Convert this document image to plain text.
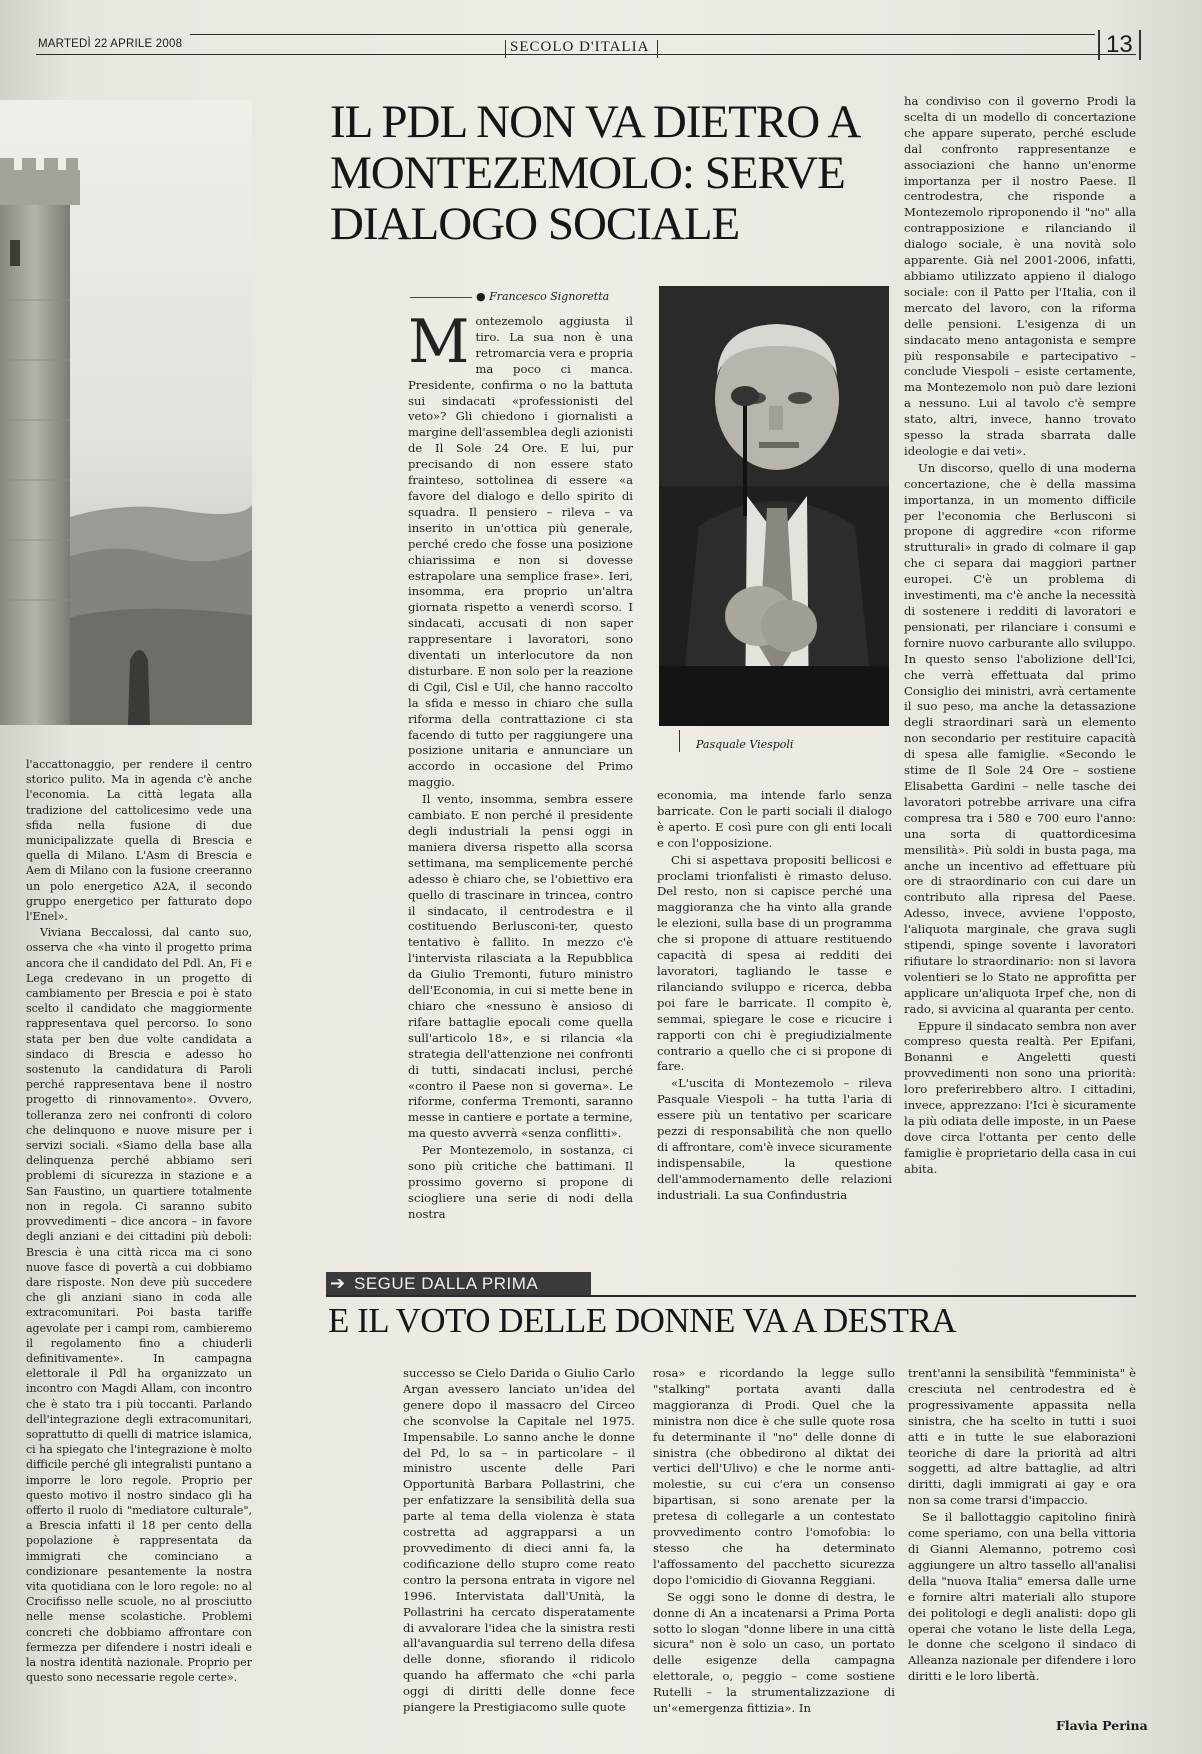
MARTEDÌ 22 APRILE 2008	SECOLO D'ITALIA	13

l'accattonaggio, per rendere il centro storico pulito. Ma in agenda c'è anche l'economia. La città legata alla tradizione del cattolicesimo vede una sfida nella fusione di due municipalizzate quella di Brescia e quella di Milano. L'Asm di Brescia e Aem di Milano con la fusione creeranno un polo energetico A2A, il secondo gruppo energetico per fatturato dopo l'Enel».

Viviana Beccalossi, dal canto suo, osserva che «ha vinto il progetto prima ancora che il candidato del Pdl. An, Fi e Lega credevano in un progetto di cambiamento per Brescia e poi è stato scelto il candidato che maggiormente rappresentava quel percorso. Io sono stata per ben due volte candidata a sindaco di Brescia e adesso ho sostenuto la candidatura di Paroli perché rappresentava bene il nostro progetto di rinnovamento». Ovvero, tolleranza zero nei confronti di coloro che delinquono e nuove misure per i servizi sociali. «Siamo della base alla delinquenza perché abbiamo seri problemi di sicurezza in stazione e a San Faustino, un quartiere totalmente non in regola. Ci saranno subito provvedimenti – dice ancora – in favore degli anziani e dei cittadini più deboli: Brescia è una città ricca ma ci sono nuove fasce di povertà a cui dobbiamo dare risposte. Non deve più succedere che gli anziani siano in coda alle extracomunitari. Poi basta tariffe agevolate per i campi rom, cambieremo il regolamento fino a chiuderli definitivamente». In campagna elettorale il Pdl ha organizzato un incontro con Magdi Allam, con incontro che è stato tra i più toccanti. Parlando dell'integrazione degli extracomunitari, soprattutto di quelli di matrice islamica, ci ha spiegato che l'integrazione è molto difficile perché gli integralisti puntano a imporre le loro regole. Proprio per questo motivo il nostro sindaco gli ha offerto il ruolo di "mediatore culturale", a Brescia infatti il 18 per cento della popolazione è rappresentata da immigrati che cominciano a condizionare pesantemente la nostra vita quotidiana con le loro regole: no al Crocifisso nelle scuole, no al prosciutto nelle mense scolastiche. Problemi concreti che dobbiamo affrontare con fermezza per difendere i nostri ideali e la nostra identità nazionale. Proprio per questo sono necessarie regole certe».

IL PDL NON VA DIETRO A MONTEZEMOLO: SERVE DIALOGO SOCIALE
● Francesco Signoretta

Montezemolo aggiusta il tiro. La sua non è una retromarcia vera e propria ma poco ci manca. Presidente, confirma o no la battuta sui sindacati «professionisti del veto»? Gli chiedono i giornalisti a margine dell'assemblea degli azionisti de Il Sole 24 Ore. E lui, pur precisando di non essere stato frainteso, sottolinea di essere «a favore del dialogo e dello spirito di squadra. Il pensiero – rileva – va inserito in un'ottica più generale, perché credo che fosse una posizione chiarissima e non si dovesse estrapolare una semplice frase». Ieri, insomma, era proprio un'altra giornata rispetto a venerdì scorso. I sindacati, accusati di non saper rappresentare i lavoratori, sono diventati un interlocutore da non disturbare. E non solo per la reazione di Cgil, Cisl e Uil, che hanno raccolto la sfida e messo in chiaro che sulla riforma della contrattazione ci sta facendo di tutto per raggiungere una posizione unitaria e annunciare un accordo in occasione del Primo maggio.

Il vento, insomma, sembra essere cambiato. E non perché il presidente degli industriali la pensi oggi in maniera diversa rispetto alla scorsa settimana, ma semplicemente perché adesso è chiaro che, se l'obiettivo era quello di trascinare in trincea, contro il sindacato, il centrodestra e il costituendo Berlusconi-ter, questo tentativo è fallito. In mezzo c'è l'intervista rilasciata a la Repubblica da Giulio Tremonti, futuro ministro dell'Economia, in cui si mette bene in chiaro che «nessuno è ansioso di rifare battaglie epocali come quella sull'articolo 18», e si rilancia «la strategia dell'attenzione nei confronti di tutti, sindacati inclusi, perché «contro il Paese non si governa». Le riforme, conferma Tremonti, saranno messe in cantiere e portate a termine, ma questo avverrà «senza conflitti».

Per Montezemolo, in sostanza, ci sono più critiche che battimani. Il prossimo governo si propone di sciogliere una serie di nodi della nostra

Pasquale Viespoli

economia, ma intende farlo senza barricate. Con le parti sociali il dialogo è aperto. E così pure con gli enti locali e con l'opposizione.

Chi si aspettava propositi bellicosi e proclami trionfalisti è rimasto deluso. Del resto, non si capisce perché una maggioranza che ha vinto alla grande le elezioni, sulla base di un programma che si propone di attuare restituendo capacità di spesa ai redditi dei lavoratori, tagliando le tasse e rilanciando sviluppo e ricerca, debba poi fare le barricate. Il compito è, semmai, spiegare le cose e ricucire i rapporti con chi è pregiudizialmente contrario a quello che ci si propone di fare.

«L'uscita di Montezemolo – rileva Pasquale Viespoli – ha tutta l'aria di essere più un tentativo per scaricare pezzi di responsabilità che non quello di affrontare, com'è invece sicuramente indispensabile, la questione dell'ammodernamento delle relazioni industriali. La sua Confindustria

ha condiviso con il governo Prodi la scelta di un modello di concertazione che appare superato, perché esclude dal confronto rappresentanze e associazioni che hanno un'enorme importanza per il nostro Paese. Il centrodestra, che risponde a Montezemolo riproponendo il "no" alla contrapposizione e rilanciando il dialogo sociale, è una novità solo apparente. Già nel 2001-2006, infatti, abbiamo utilizzato appieno il dialogo sociale: con il Patto per l'Italia, con il mercato del lavoro, con la riforma delle pensioni. L'esigenza di un sindacato meno antagonista e sempre più responsabile e partecipativo – conclude Viespoli – esiste certamente, ma Montezemolo non può dare lezioni a nessuno. Lui al tavolo c'è sempre stato, altri, invece, hanno trovato spesso la strada sbarrata dalle ideologie e dai veti».

Un discorso, quello di una moderna concertazione, che è della massima importanza, in un momento difficile per l'economia che Berlusconi si propone di aggredire «con riforme strutturali» in grado di colmare il gap che ci separa dai maggiori partner europei. C'è un problema di investimenti, ma c'è anche la necessità di sostenere i redditi di lavoratori e pensionati, per rilanciare i consumi e fornire nuovo carburante allo sviluppo. In questo senso l'abolizione dell'Ici, che verrà effettuata dal primo Consiglio dei ministri, avrà certamente il suo peso, ma anche la detassazione degli straordinari sarà un elemento non secondario per restituire capacità di spesa alle famiglie. «Secondo le stime de Il Sole 24 Ore – sostiene Elisabetta Gardini – nelle tasche dei lavoratori potrebbe arrivare una cifra compresa tra i 580 e 700 euro l'anno: una sorta di quattordicesima mensilità». Più soldi in busta paga, ma anche un incentivo ad effettuare più ore di straordinario con cui dare un contributo alla ripresa del Paese. Adesso, invece, avviene l'opposto, l'aliquota marginale, che grava sugli stipendi, spinge sovente i lavoratori rifiutare lo straordinario: non si lavora volentieri se lo Stato ne approfitta per applicare un'aliquota Irpef che, non di rado, si avvicina al quaranta per cento.

Eppure il sindacato sembra non aver compreso questa realtà. Per Epifani, Bonanni e Angeletti questi provvedimenti non sono una priorità: loro preferirebbero altro. I cittadini, invece, apprezzano: l'Ici è sicuramente la più odiata delle imposte, in un Paese dove circa l'ottanta per cento delle famiglie è proprietario della casa in cui abita.

➔ SEGUE DALLA PRIMA
E IL VOTO DELLE DONNE VA A DESTRA

successo se Cielo Darida o Giulio Carlo Argan avessero lanciato un'idea del genere dopo il massacro del Circeo che sconvolse la Capitale nel 1975. Impensabile. Lo sanno anche le donne del Pd, lo sa – in particolare – il ministro uscente delle Pari Opportunità Barbara Pollastrini, che per enfatizzare la sensibilità della sua parte al tema della violenza è stata costretta ad aggrapparsi a un provvedimento di dieci anni fa, la codificazione dello stupro come reato contro la persona entrata in vigore nel 1996. Intervistata dall'Unità, la Pollastrini ha cercato disperatamente di avvalorare l'idea che la sinistra resti all'avanguardia sul terreno della difesa delle donne, sfiorando il ridicolo quando ha affermato che «chi parla oggi di diritti delle donne fece piangere la Prestigiacomo sulle quote

rosa» e ricordando la legge sullo "stalking" portata avanti dalla maggioranza di Prodi. Quel che la ministra non dice è che sulle quote rosa fu determinante il "no" delle donne di sinistra (che obbedirono al diktat dei vertici dell'Ulivo) e che le norme anti-molestie, su cui c'era un consenso bipartisan, si sono arenate per la pretesa di collegarle a un contestato provvedimento contro l'omofobia: lo stesso che ha determinato l'affossamento del pacchetto sicurezza dopo l'omicidio di Giovanna Reggiani.

Se oggi sono le donne di destra, le donne di An a incatenarsi a Prima Porta sotto lo slogan "donne libere in una città sicura" non è solo un caso, un portato delle esigenze della campagna elettorale, o, peggio – come sostiene Rutelli – la strumentalizzazione di un'«emergenza fittizia». In

trent'anni la sensibilità "femminista" è cresciuta nel centrodestra ed è progressivamente appassita nella sinistra, che ha scelto in tutti i suoi atti e in tutte le sue elaborazioni teoriche di dare la priorità ad altri soggetti, ad altre battaglie, ad altri diritti, dagli immigrati ai gay e ora non sa come trarsi d'impaccio.

Se il ballottaggio capitolino finirà come speriamo, con una bella vittoria di Gianni Alemanno, potremo così aggiungere un altro tassello all'analisi della "nuova Italia" emersa dalle urne e fornire altri materiali allo stupore dei politologi e degli analisti: dopo gli operai che votano le liste della Lega, le donne che scelgono il sindaco di Alleanza nazionale per difendere i loro diritti e le loro libertà.

Flavia Perina
